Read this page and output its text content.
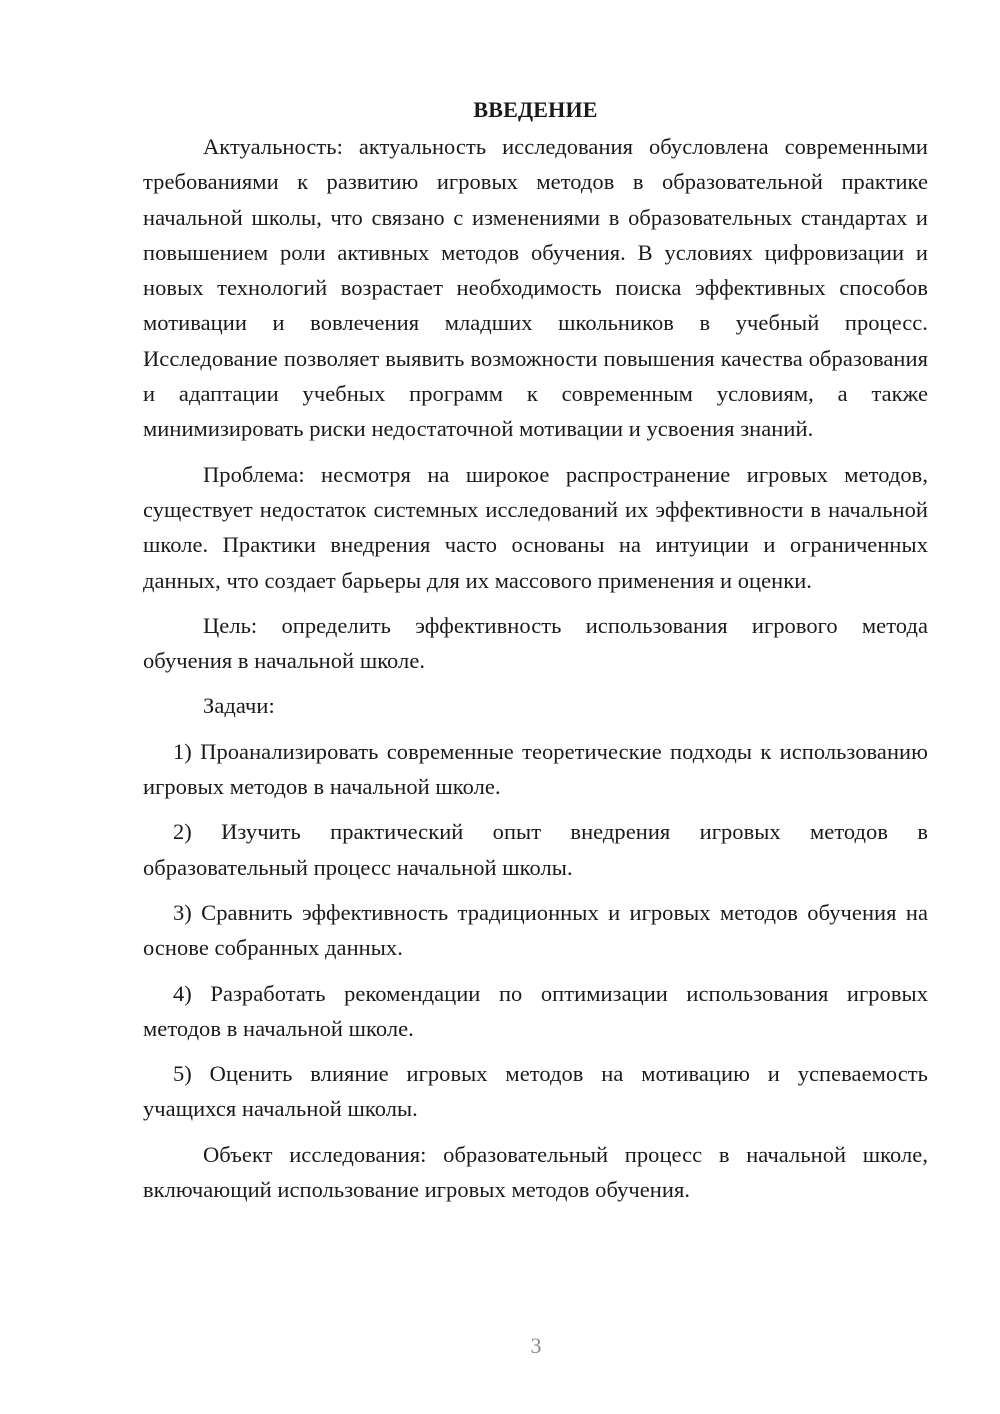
ВВЕДЕНИЕ

Актуальность: актуальность исследования обусловлена современными требованиями к развитию игровых методов в образовательной практике начальной школы, что связано с изменениями в образовательных стандартах и повышением роли активных методов обучения. В условиях цифровизации и новых технологий возрастает необходимость поиска эффективных способов мотивации и вовлечения младших школьников в учебный процесс. Исследование позволяет выявить возможности повышения качества образования и адаптации учебных программ к современным условиям, а также минимизировать риски недостаточной мотивации и усвоения знаний.

Проблема: несмотря на широкое распространение игровых методов, существует недостаток системных исследований их эффективности в начальной школе. Практики внедрения часто основаны на интуиции и ограниченных данных, что создает барьеры для их массового применения и оценки.

Цель: определить эффективность использования игрового метода обучения в начальной школе.

Задачи:

1) Проанализировать современные теоретические подходы к использованию игровых методов в начальной школе.

2) Изучить практический опыт внедрения игровых методов в образовательный процесс начальной школы.

3) Сравнить эффективность традиционных и игровых методов обучения на основе собранных данных.

4) Разработать рекомендации по оптимизации использования игровых методов в начальной школе.

5) Оценить влияние игровых методов на мотивацию и успеваемость учащихся начальной школы.

Объект исследования: образовательный процесс в начальной школе, включающий использование игровых методов обучения.

3
